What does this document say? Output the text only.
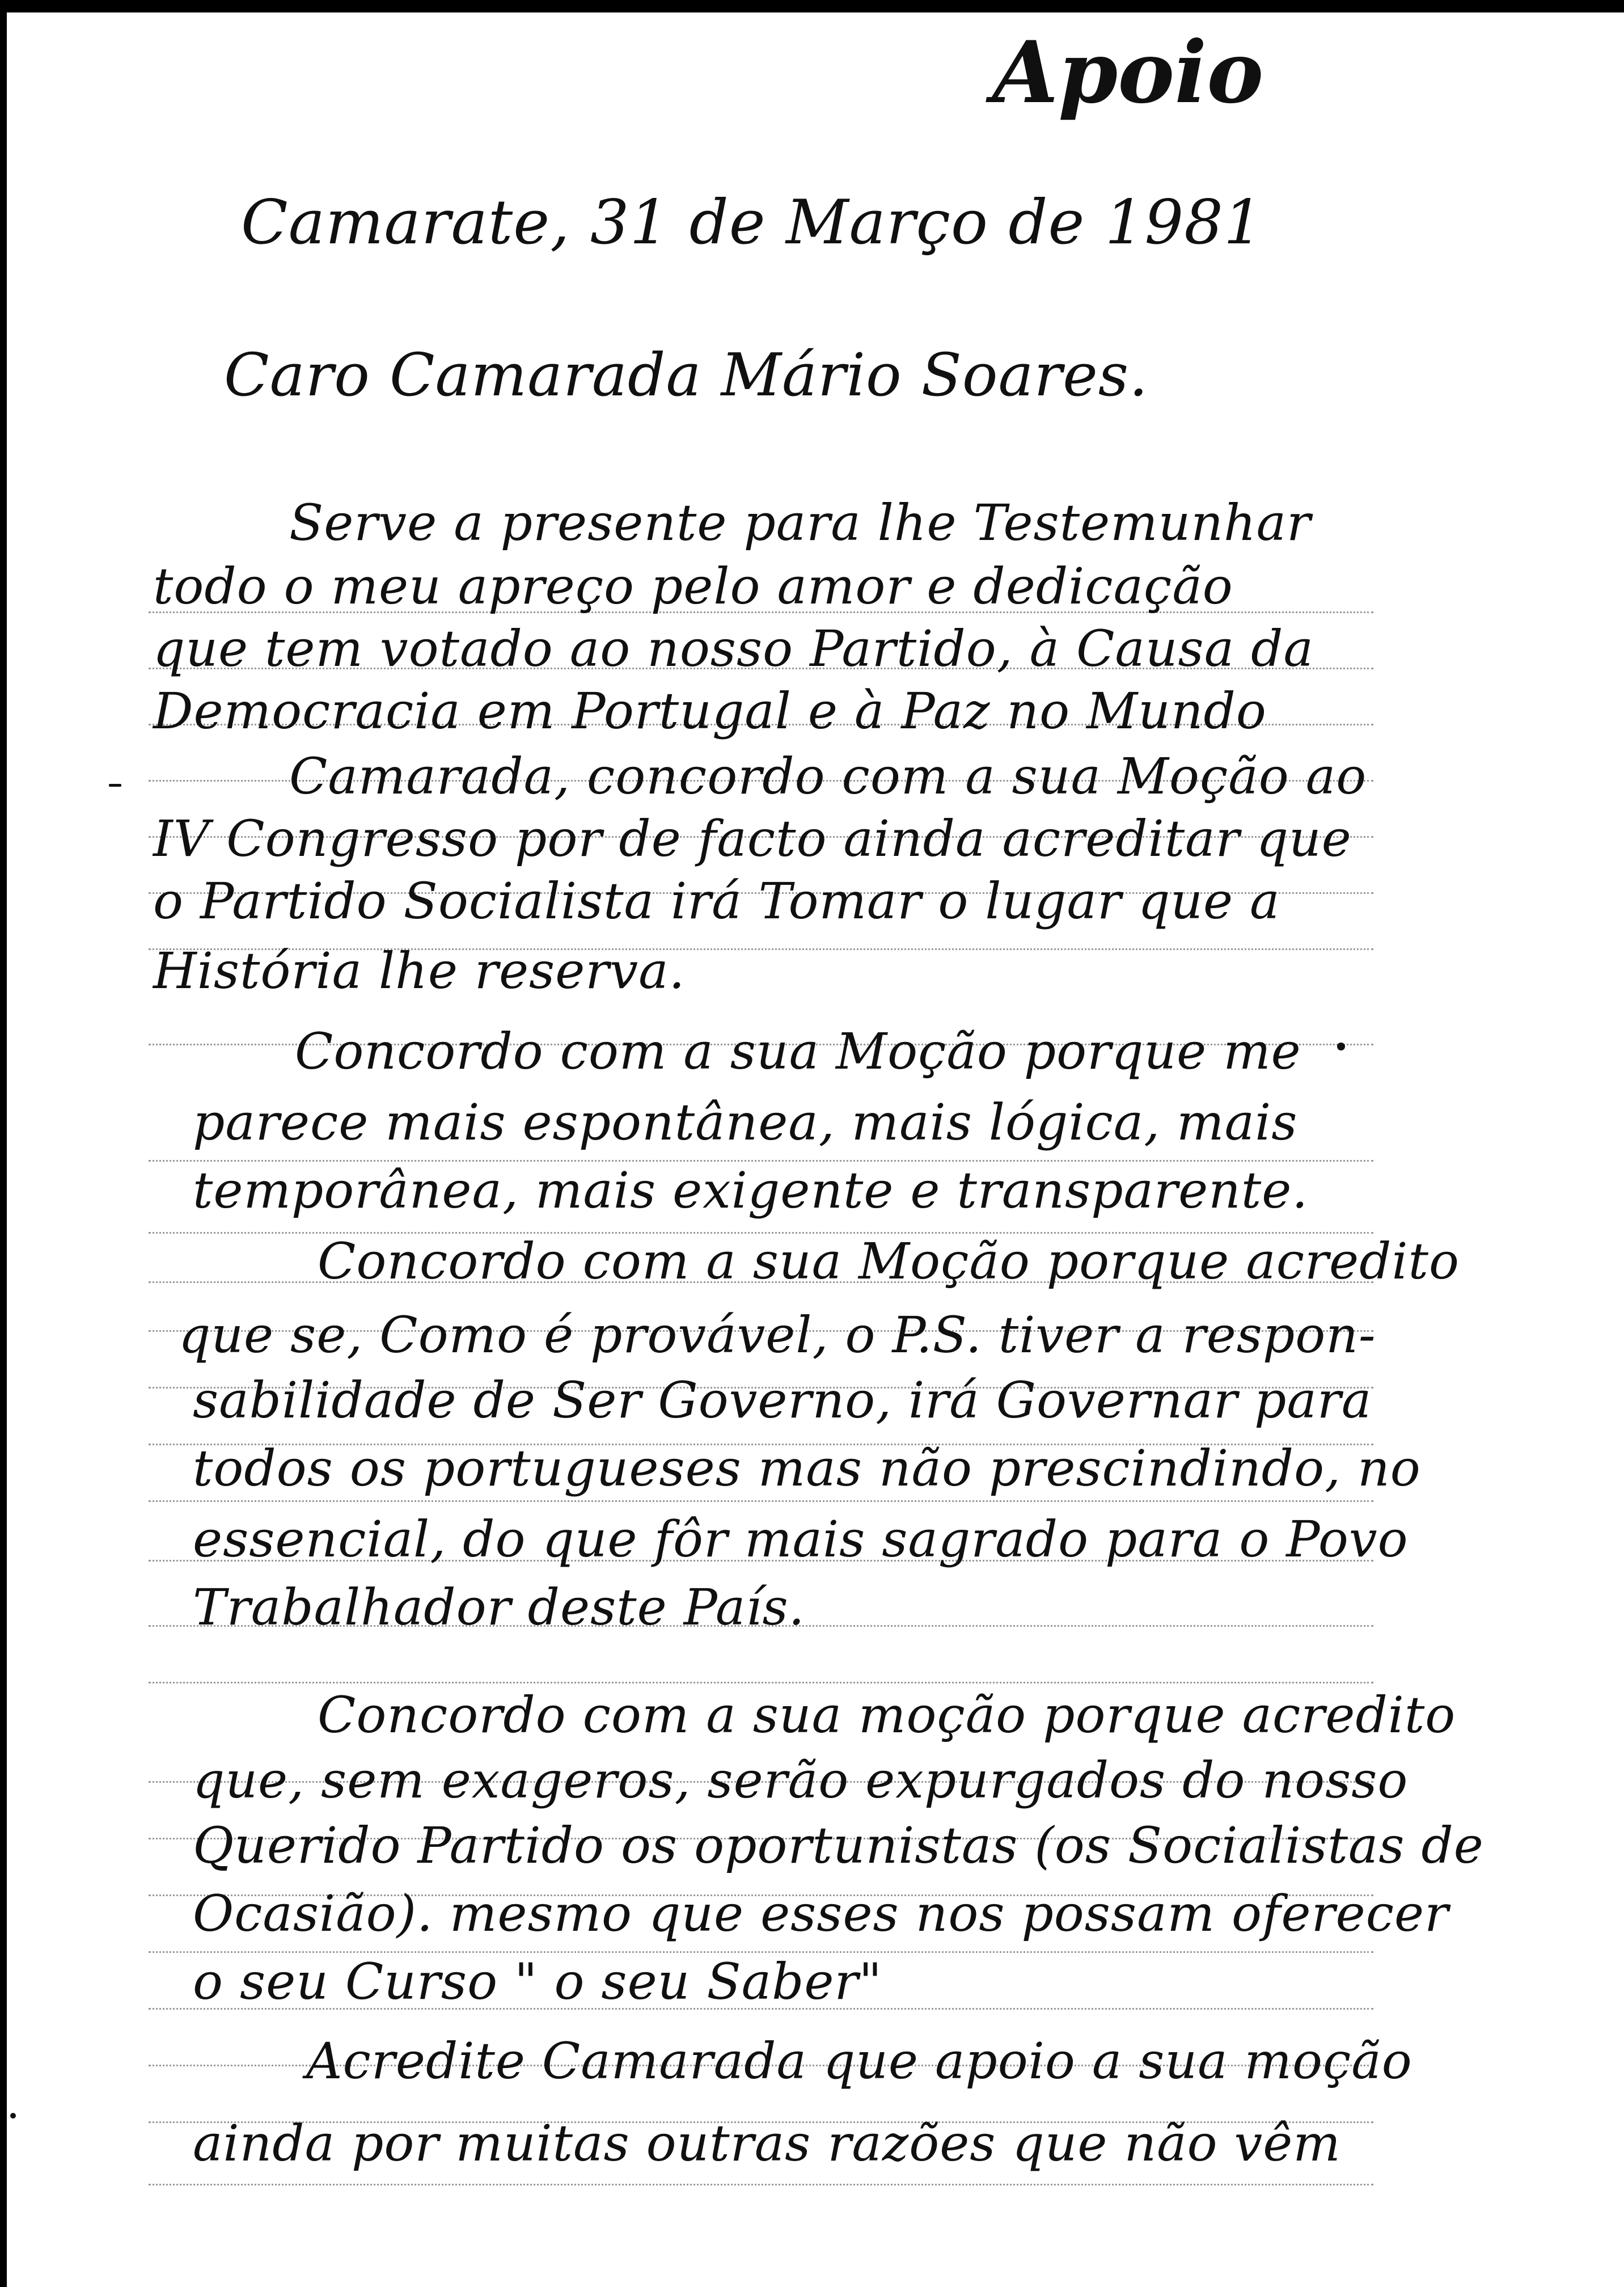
Apoio
Camarate, 31 de Março de 1981
Caro Camarada Mário Soares.
Serve a presente para lhe Testemunhar
todo o meu apreço pelo amor e dedicação
que tem votado ao nosso Partido, à Causa da
Democracia em Portugal e à Paz no Mundo
Camarada, concordo com a sua Moção ao
IV Congresso por de facto ainda acreditar que
o Partido Socialista irá Tomar o lugar que a
História lhe reserva.
Concordo com a sua Moção porque me
parece mais espontânea, mais lógica, mais
temporânea, mais exigente e transparente.
Concordo com a sua Moção porque acredito
que se, Como é provável, o P.S. tiver a respon-
sabilidade de Ser Governo, irá Governar para
todos os portugueses mas não prescindindo, no
essencial, do que fôr mais sagrado para o Povo
Trabalhador deste País.
Concordo com a sua moção porque acredito
que, sem exageros, serão expurgados do nosso
Querido Partido os oportunistas (os Socialistas de
Ocasião). mesmo que esses nos possam oferecer
o seu Curso " o seu Saber"
Acredite Camarada que apoio a sua moção
ainda por muitas outras razões que não vêm
